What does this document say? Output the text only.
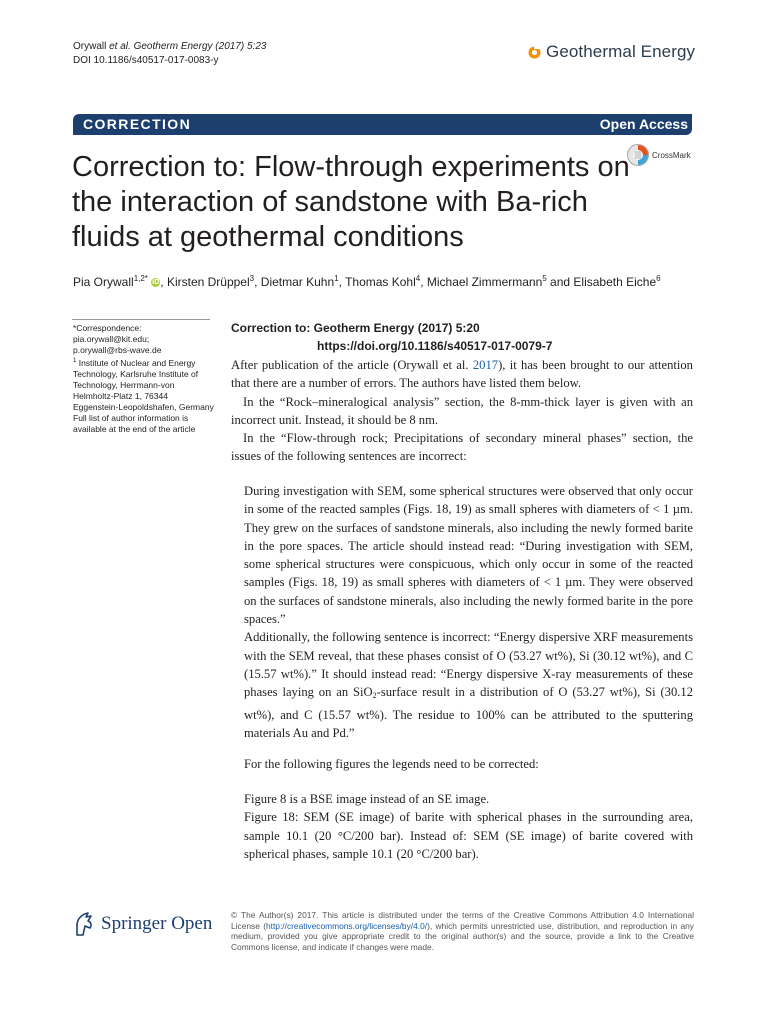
Orywall et al. Geotherm Energy (2017) 5:23
DOI 10.1186/s40517-017-0083-y	Geothermal Energy
CORRECTION	Open Access
CrossMark
Correction to: Flow-through experiments on the interaction of sandstone with Ba-rich fluids at geothermal conditions
Pia Orywall$^{1,2*}$ iD, Kirsten Drüppel$^3$, Dietmar Kuhn$^1$, Thomas Kohl$^4$, Michael Zimmermann$^5$ and Elisabeth Eiche$^6$
*Correspondence:
pia.orywall@kit.edu;
p.orywall@rbs-wave.de
$^1$ Institute of Nuclear and Energy Technology, Karlsruhe Institute of Technology, Herrmann-von Helmholtz-Platz 1, 76344 Eggenstein-Leopoldshafen, Germany
Full list of author information is available at the end of the article
Correction to: Geotherm Energy (2017) 5:20
https://doi.org/10.1186/s40517-017-0079-7

After publication of the article (Orywall et al. 2017), it has been brought to our attention that there are a number of errors. The authors have listed them below.

In the “Rock–mineralogical analysis” section, the 8-mm-thick layer is given with an incorrect unit. Instead, it should be 8 nm.

In the “Flow-through rock; Precipitations of secondary mineral phases” section, the issues of the following sentences are incorrect:

During investigation with SEM, some spherical structures were observed that only occur in some of the reacted samples (Figs. 18, 19) as small spheres with diameters of < 1 µm. They grew on the surfaces of sandstone minerals, also including the newly formed barite in the pore spaces. The article should instead read: “During investigation with SEM, some spherical structures were conspicuous, which only occur in some of the reacted samples (Figs. 18, 19) as small spheres with diameters of < 1 µm. They were observed on the surfaces of sandstone minerals, also including the newly formed barite in the pore spaces.”

Additionally, the following sentence is incorrect: “Energy dispersive XRF measurements with the SEM reveal, that these phases consist of O (53.27 wt%), Si (30.12 wt%), and C (15.57 wt%).” It should instead read: “Energy dispersive X-ray measurements of these phases laying on an SiO$_2$-surface result in a distribution of O (53.27 wt%), Si (30.12 wt%), and C (15.57 wt%). The residue to 100% can be attributed to the sputtering materials Au and Pd.”

For the following figures the legends need to be corrected:

Figure 8 is a BSE image instead of an SE image.

Figure 18: SEM (SE image) of barite with spherical phases in the surrounding area, sample 10.1 (20 °C/200 bar). Instead of: SEM (SE image) of barite covered with spherical phases, sample 10.1 (20 °C/200 bar).

Springer Open © The Author(s) 2017. This article is distributed under the terms of the Creative Commons Attribution 4.0 International License (http://creativecommons.org/licenses/by/4.0/), which permits unrestricted use, distribution, and reproduction in any medium, provided you give appropriate credit to the original author(s) and the source, provide a link to the Creative Commons license, and indicate if changes were made.
